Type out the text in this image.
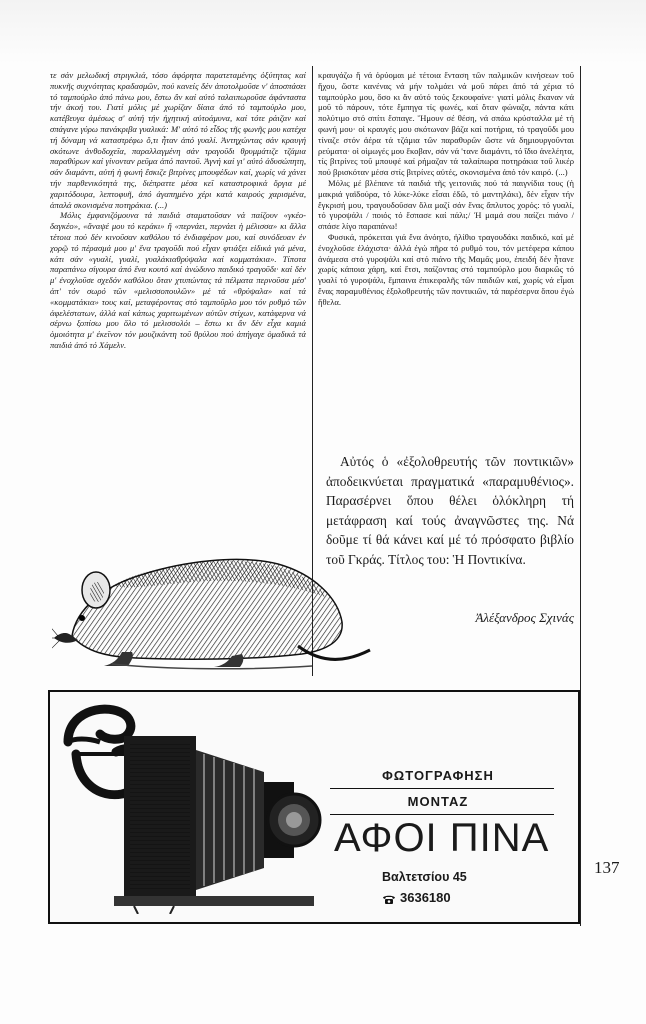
τε σάν μελωδική στριγκλιά, τόσο ἀφόρητα παρατεταμένης ὀξύτητας καί πυκνῆς συχνότητας κραδασμῶν, πού κανείς δέν ἀποτολμοῦσε ν' ἀποσπάσει τό ταμπούρλο ἀπό πάνω μου, ἔστω ἄν καί αὐτό ταλαιπωροῦσε ἀφάνταστα τήν ἀκοή του. Γιατί μόλις μέ χωρίζαν δίαια ἀπό τό ταμπούρλο μου, κατέβευγα ἀμέσως σ' αὐτή τήν ἠχητική αὐτοάμυνα, καί τότε ράιζαν καί σπάγανε γύρω πανάκριβα γυαλικά: Μ' αὐτό τό εἶδος τῆς φωνῆς μου κατέχα τή δύναμη νά καταστρέφω ὅ,τι ἦταν ἀπό γυαλί. Ἀντηχώντας σάν κραυγή σκότωνε ἀνθοδοχεῖα, παραλλαγμένη σάν τραγοῦδι θρυμμάτιζε τζάμια παραθύρων καί γίνονταν ρεῦμα ἀπό παντοῦ. Ἁγνή καί γι' αὐτό ἀδυσώπητη, σάν διαμάντι, αὐτή ἡ φωνή ἔσκιζε βιτρίνες μπουφέδων καί, χωρίς νά χάνει τήν παρθενικότητά της, διέπραττε μέσα κεῖ καταστροφικά ὄργια μέ χαριτόδουρα, λεπτοφυῆ, ἀπό ἀγαπημένο χέρι κατά καιρούς χαρισμένα, ἀπαλά σκονισμένα ποτηράκια. (...)

Μόλις ἐμφανιζόμουνα τά παιδιά σταματοῦσαν νά παίζουν «γκέο-δαγκέο», «ἄναψέ μου τό κεράκι» ἤ «περνάει, περνάει ἡ μέλισσα» κι ἄλλα τέτοια πού δέν κινοῦσαν καθόλου τό ἐνδιαφέρον μου, καί συνόδευαν ἐν χορῷ τό πέρασμά μου μ' ἕνα τραγοῦδι πού εἶχαν φτιάξει εἰδικά γιά μένα, κάτι σάν «γυαλί, γυαλί, γυαλάκιαθρύψαλα καί κομματάκια». Τίποτα παραπάνω σίγουρα ἀπό ἕνα κουτό καί ἀνώδυνο παιδικό τραγοῦδι· καί δέν μ' ἐνοχλοῦσε σχεδόν καθόλου ὅταν χτυπώντας τά πέλματα περνοῦσα μέσ' ἀπ' τόν σωρό τῶν «μελισσοπουλῶν» μέ τά «θρύψαλα» καί τά «κομματάκια» τους καί, μεταφέροντας στό ταμποῦρλο μου τόν ρυθμό τῶν ἀφελέστατων, ἀλλά καί κάπως χαριτωμένων αὐτῶν στίχων, κατάφερνα νά σέρνω ξοπίσω μου ὅλο τό μελισσολόι – ἔστω κι ἄν δέν εἶχα καμιά ὁμοιότητα μ' ἐκεῖνον τόν μουζικάντη τοῦ θρύλου πού ἀπήγαγε ὁμαδικά τά παιδιά ἀπό τό Χάμελν.

κραυγάζω ἤ νά ὀρύομαι μέ τέτοια ἔνταση τῶν παλμικῶν κινήσεων τοῦ ἤχου, ὥστε κανένας νά μήν τολμάει νά μοῦ πάρει ἀπό τά χέρια τό ταμπούρλο μου, ὅσο κι ἄν αὐτό τούς ξεκουφαίνε· γιατί μόλις ἔκαναν νά μοῦ τό πάρουν, τότε ἔμπηγα τίς φωνές, καί ὅταν φώναζα, πάντα κάτι πολύτιμο στό σπίτι ἔσπαγε. Ἤμουν σέ θέση, νά σπάω κρύσταλλα μέ τή φωνή μου· οἱ κραυγές μου σκότωναν βάζα καί ποτήρια, τό τραγοῦδι μου τίναζε στόν ἀέρα τά τζάμια τῶν παραθυρῶν ὥστε νά δημιουργοῦνται ρεύματα· οἱ οἰμωγές μου ἔκοβαν, σάν νά 'τανε διαμάντι, τό ἴδιο ἀνελέητα, τίς βιτρίνες τοῦ μπουφέ καί ρήμαζαν τά ταλαίπωρα ποτηράκια τοῦ λικέρ πού βρισκόταν μέσα στίς βιτρίνες αὐτές, σκονισμένα ἀπό τόν καιρό. (...)

Μόλις μέ βλέπανε τά παιδιά τῆς γειτονιᾶς πού τά παιγνίδια τους (ἡ μακριά γαϊδούρα, τό λύκε-λύκε εἶσαι ἐδῶ, τό μαντηλάκι), δέν εἶχαν τήν ἔγκρισή μου, τραγουδοῦσαν ὅλα μαζί σάν ἕνας ἄπλυτος χορός: τό γυαλί, τό γυροψάλι / ποιός τό ἔσπασε καί πάλι;/ Ἡ μαμά σου παίζει πιάνο / σπάσε λίγο παραπάνω!

Φυσικά, πρόκειται γιά ἕνα ἀνόητο, ἠλίθιο τραγουδάκι παιδικό, καί μέ ἐνοχλοῦσε ἐλάχιστα· ἀλλά ἐγώ πῆρα τό ρυθμό του, τόν μετέφερα κάπου ἀνάμεσα στό γυροψάλι καί στό πιάνο τῆς Μαμᾶς μου, ἐπειδή δέν ἦτανε χωρίς κάποια χάρη, καί ἔτσι, παίζοντας στό ταμπούρλο μου διαρκῶς τό γυαλί τό γυροψάλι, ἔμπαινα ἐπικεφαλῆς τῶν παιδιῶν καί, χωρίς νά εἶμαι ἕνας παραμυθένιος ἐξολοθρευτής τῶν ποντικιῶν, τά παρέσερνα ὅπου ἐγώ ἤθελα.

Αὐτός ὁ «ἐξολοθρευτής τῶν ποντικιῶν» ἀποδεικνύεται πραγματικά «παραμυθένιος». Παρασέρνει ὅπου θέλει ὁλόκληρη τή μετάφραση καί τούς ἀναγνῶστες της. Νά δοῦμε τί θά κάνει καί μέ τό πρόσφατο βιβλίο τοῦ Γκράς. Τίτλος του: Ἡ Ποντικίνα.

Ἀλέξανδρος Σχινάς
ΦΩΤΟΓΡΑΦΗΣΗ
ΜΟΝΤΑΖ
ΑΦΟΙ ΠΙΝΑ
Βαλτετσίου 45
3636180
137
